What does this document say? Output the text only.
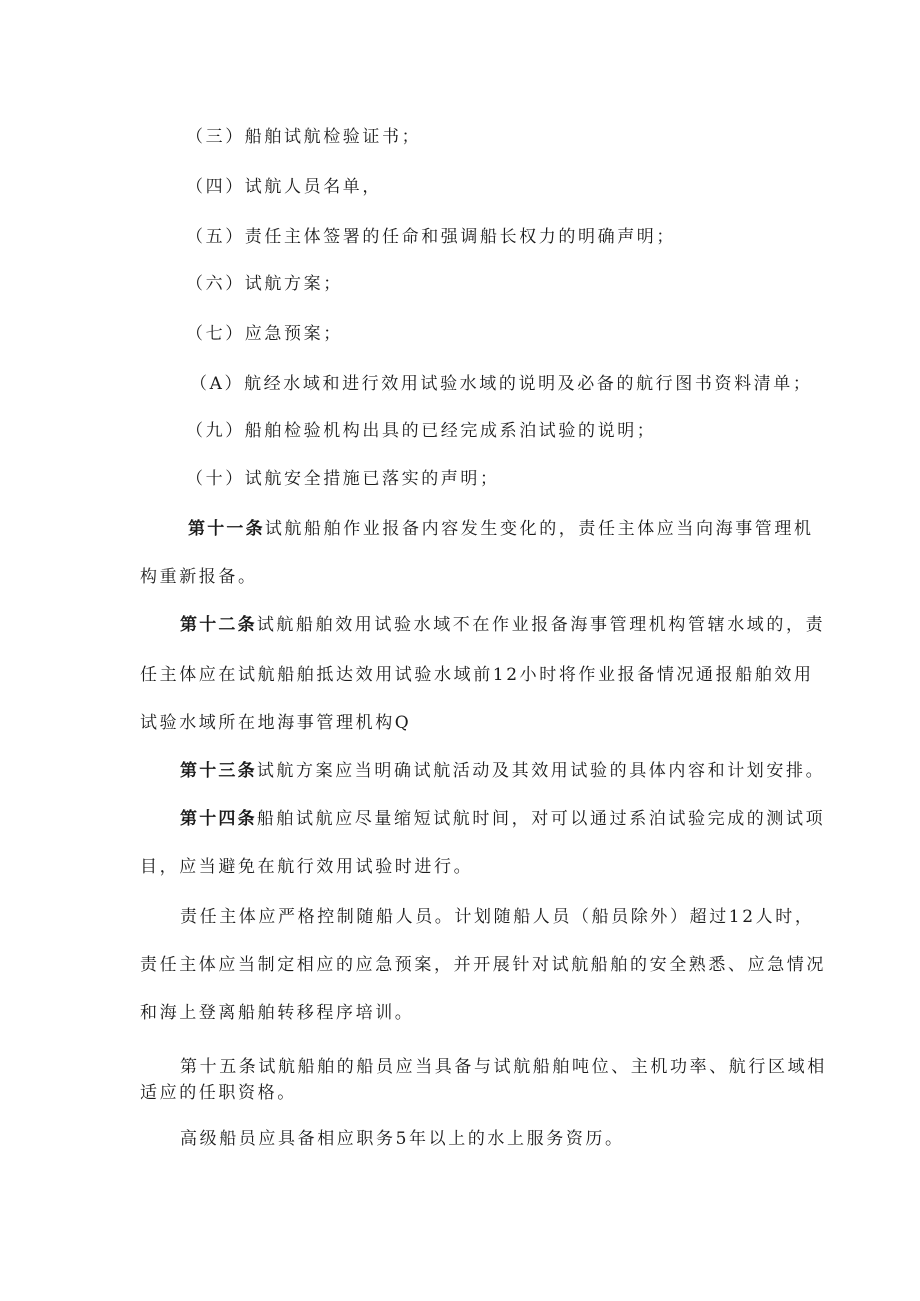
（三）船舶试航检验证书；

（四）试航人员名单，

（五）责任主体签署的任命和强调船长权力的明确声明；

（六）试航方案；

（七）应急预案；

（A）航经水域和进行效用试验水域的说明及必备的航行图书资料清单；

（九）船舶检验机构出具的已经完成系泊试验的说明；

（十）试航安全措施已落实的声明；

第十一条试航船舶作业报备内容发生变化的，责任主体应当向海事管理机

构重新报备。

第十二条试航船舶效用试验水域不在作业报备海事管理机构管辖水域的，责

任主体应在试航船舶抵达效用试验水域前12小时将作业报备情况通报船舶效用

试验水域所在地海事管理机构Q

第十三条试航方案应当明确试航活动及其效用试验的具体内容和计划安排。

第十四条船舶试航应尽量缩短试航时间，对可以通过系泊试验完成的测试项

目，应当避免在航行效用试验时进行。

责任主体应严格控制随船人员。计划随船人员（船员除外）超过12人时，

责任主体应当制定相应的应急预案，并开展针对试航船舶的安全熟悉、应急情况

和海上登离船舶转移程序培训。

第十五条试航船舶的船员应当具备与试航船舶吨位、主机功率、航行区域相

适应的任职资格。

高级船员应具备相应职务5年以上的水上服务资历。
